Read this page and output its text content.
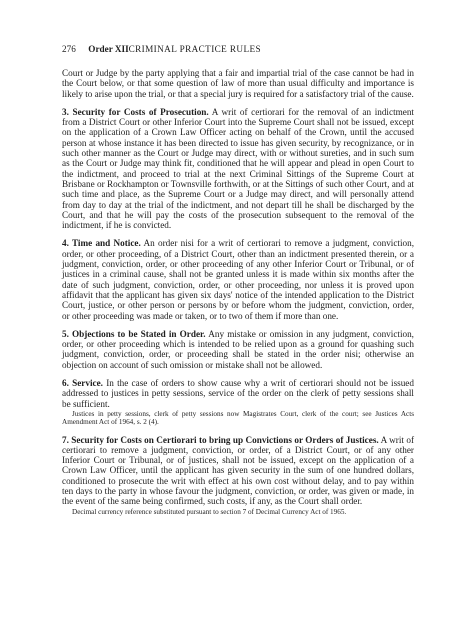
276 Order XII CRIMINAL PRACTICE RULES

Court or Judge by the party applying that a fair and impartial trial of the case cannot be had in the Court below, or that some question of law of more than usual difficulty and importance is likely to arise upon the trial, or that a special jury is required for a satisfactory trial of the cause.

3. Security for Costs of Prosecution. A writ of certiorari for the removal of an indictment from a District Court or other Inferior Court into the Supreme Court shall not be issued, except on the application of a Crown Law Officer acting on behalf of the Crown, until the accused person at whose instance it has been directed to issue has given security, by recognizance, or in such other manner as the Court or Judge may direct, with or without sureties, and in such sum as the Court or Judge may think fit, conditioned that he will appear and plead in open Court to the indictment, and proceed to trial at the next Criminal Sittings of the Supreme Court at Brisbane or Rockhampton or Townsville forthwith, or at the Sittings of such other Court, and at such time and place, as the Supreme Court or a Judge may direct, and will personally attend from day to day at the trial of the indictment, and not depart till he shall be discharged by the Court, and that he will pay the costs of the prosecution subsequent to the removal of the indictment, if he is convicted.

4. Time and Notice. An order nisi for a writ of certiorari to remove a judgment, conviction, order, or other proceeding, of a District Court, other than an indictment presented therein, or a judgment, conviction, order, or other proceeding of any other Inferior Court or Tribunal, or of justices in a criminal cause, shall not be granted unless it is made within six months after the date of such judgment, conviction, order, or other proceeding, nor unless it is proved upon affidavit that the applicant has given six days' notice of the intended application to the District Court, justice, or other person or persons by or before whom the judgment, conviction, order, or other proceeding was made or taken, or to two of them if more than one.

5. Objections to be Stated in Order. Any mistake or omission in any judgment, conviction, order, or other proceeding which is intended to be relied upon as a ground for quashing such judgment, conviction, order, or proceeding shall be stated in the order nisi; otherwise an objection on account of such omission or mistake shall not be allowed.

6. Service. In the case of orders to show cause why a writ of certiorari should not be issued addressed to justices in petty sessions, service of the order on the clerk of petty sessions shall be sufficient.

Justices in petty sessions, clerk of petty sessions now Magistrates Court, clerk of the court; see Justices Acts Amendment Act of 1964, s. 2 (4).

7. Security for Costs on Certiorari to bring up Convictions or Orders of Justices. A writ of certiorari to remove a judgment, conviction, or order, of a District Court, or of any other Inferior Court or Tribunal, or of justices, shall not be issued, except on the application of a Crown Law Officer, until the applicant has given security in the sum of one hundred dollars, conditioned to prosecute the writ with effect at his own cost without delay, and to pay within ten days to the party in whose favour the judgment, conviction, or order, was given or made, in the event of the same being confirmed, such costs, if any, as the Court shall order.

Decimal currency reference substituted pursuant to section 7 of Decimal Currency Act of 1965.
